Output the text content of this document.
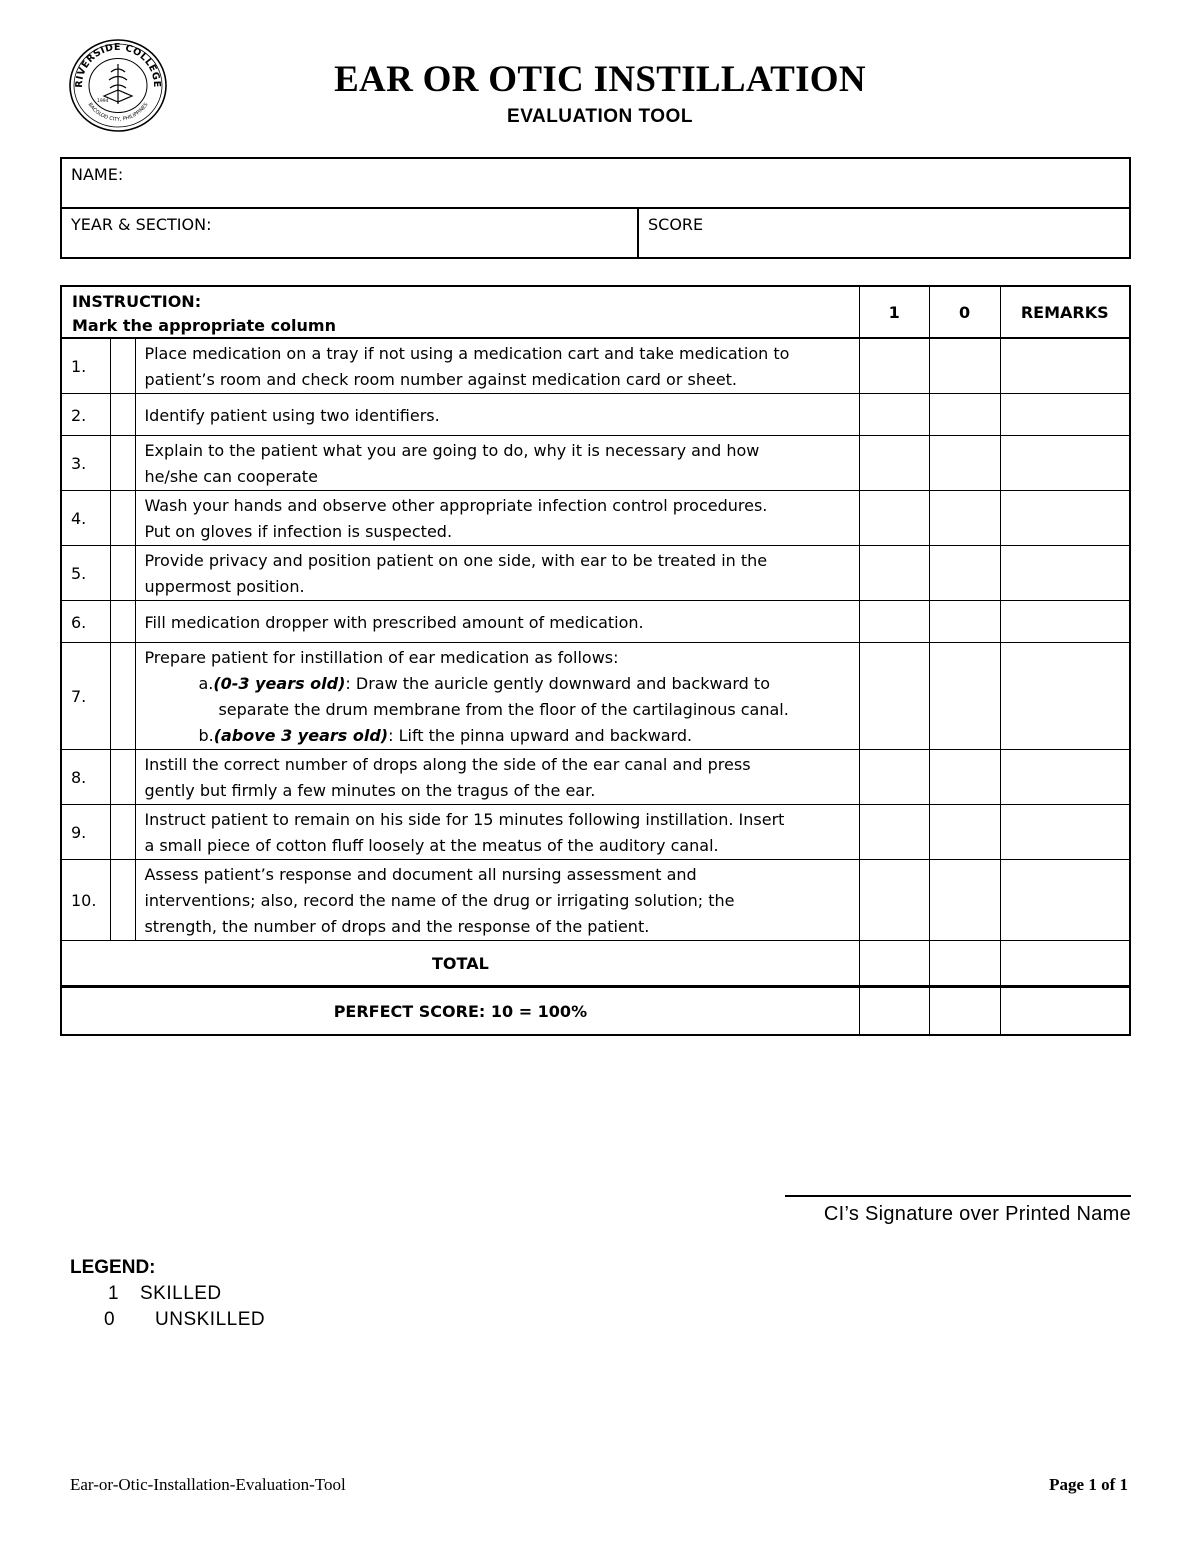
RIVERSIDE COLLEGE
BACOLOD CITY, PHILIPPINES
1994
EAR OR OTIC INSTILLATION
EVALUATION TOOL
NAME:
YEAR & SECTION:	SCORE
INSTRUCTION:
Mark the appropriate column			1	0	REMARKS
1.		Place medication on a tray if not using a medication cart and take medication to
patient’s room and check room number against medication card or sheet.			

2.		Identify patient using two identifiers.			

3.		Explain to the patient what you are going to do, why it is necessary and how
he/she can cooperate			

4.		Wash your hands and observe other appropriate infection control procedures.
Put on gloves if infection is suspected.			

5.		Provide privacy and position patient on one side, with ear to be treated in the
uppermost position.			

6.		Fill medication dropper with prescribed amount of medication.			

7.		Prepare patient for instillation of ear medication as follows:
a.(0-3 years old): Draw the auricle gently downward and backward to
separate the drum membrane from the floor of the cartilaginous canal.
b.(above 3 years old): Lift the pinna upward and backward.			

8.		Instill the correct number of drops along the side of the ear canal and press
gently but firmly a few minutes on the tragus of the ear.			

9.		Instruct patient to remain on his side for 15 minutes following instillation. Insert
a small piece of cotton fluff loosely at the meatus of the auditory canal.			

10.		Assess patient’s response and document all nursing assessment and
interventions; also, record the name of the drug or irrigating solution; the
strength, the number of drops and the response of the patient.			

TOTAL					
PERFECT SCORE: 10 = 100%					
CI’s Signature over Printed Name
LEGEND:
1 SKILLED
0 UNSKILLED
Ear-or-Otic-Installation-Evaluation-Tool	Page 1 of 1
